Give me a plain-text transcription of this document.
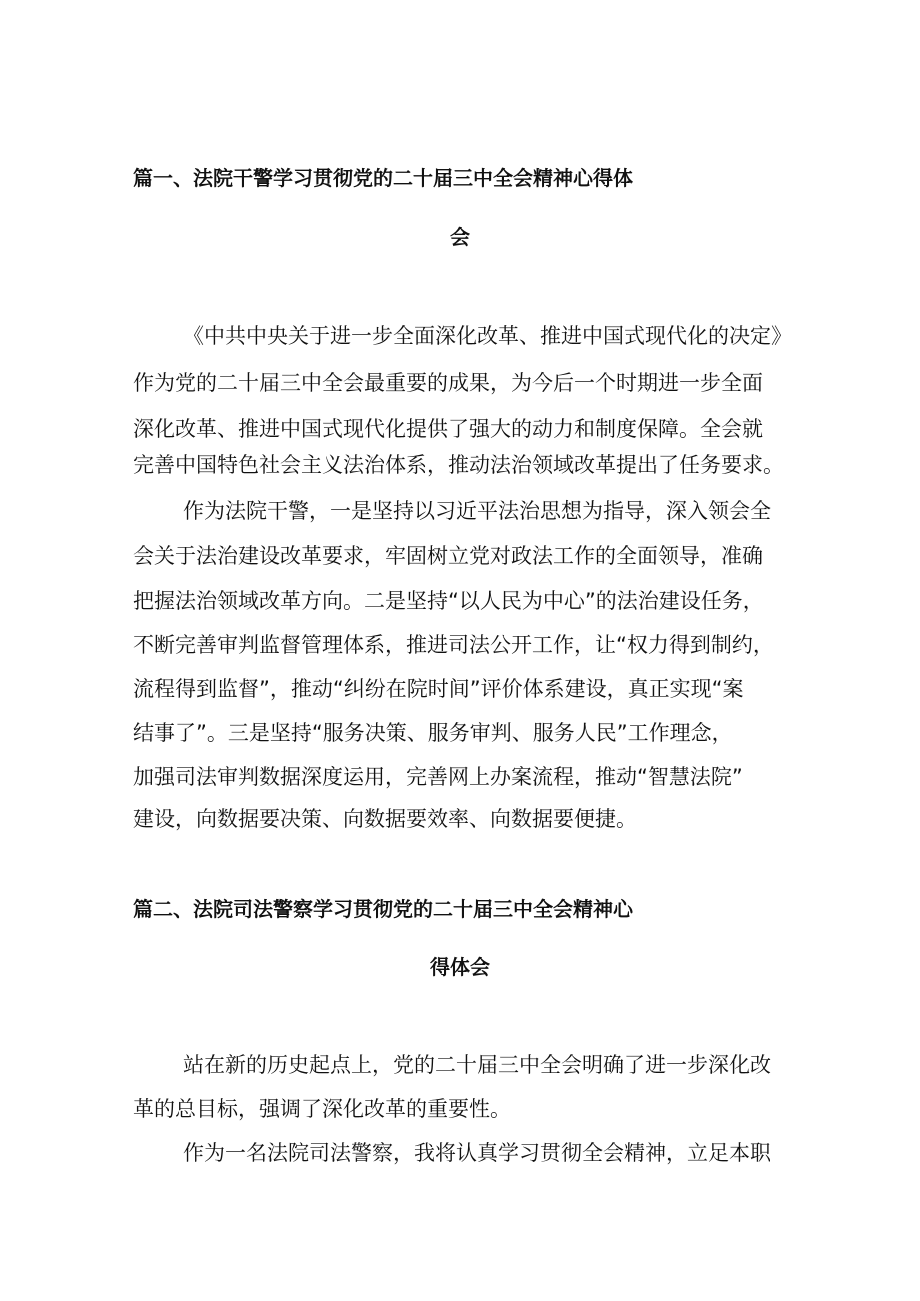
篇一、法院干警学习贯彻党的二十届三中全会精神心得体
会
《中共中央关于进一步全面深化改革、推进中国式现代化的决定》
作为党的二十届三中全会最重要的成果，为今后一个时期进一步全面
深化改革、推进中国式现代化提供了强大的动力和制度保障。全会就
完善中国特色社会主义法治体系，推动法治领域改革提出了任务要求。
作为法院干警，一是坚持以习近平法治思想为指导，深入领会全
会关于法治建设改革要求，牢固树立党对政法工作的全面领导，准确
把握法治领域改革方向。二是坚持“以人民为中心”的法治建设任务，
不断完善审判监督管理体系，推进司法公开工作，让“权力得到制约，
流程得到监督”，推动“纠纷在院时间”评价体系建设，真正实现“案
结事了”。三是坚持“服务决策、服务审判、服务人民”工作理念，
加强司法审判数据深度运用，完善网上办案流程，推动“智慧法院”
建设，向数据要决策、向数据要效率、向数据要便捷。
篇二、法院司法警察学习贯彻党的二十届三中全会精神心
得体会
站在新的历史起点上，党的二十届三中全会明确了进一步深化改
革的总目标，强调了深化改革的重要性。
作为一名法院司法警察，我将认真学习贯彻全会精神，立足本职
